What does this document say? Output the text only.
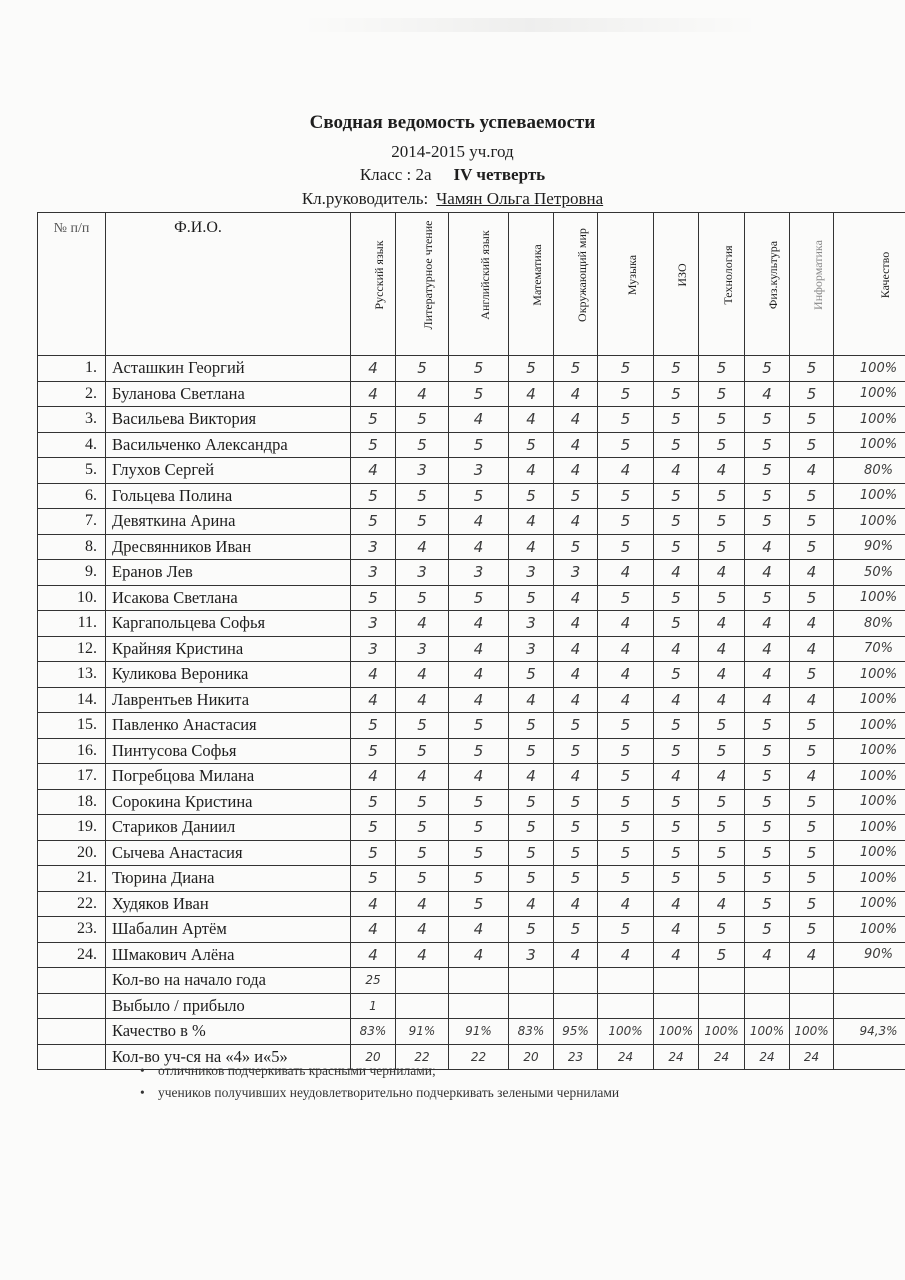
Сводная ведомость успеваемости
2014-2015 уч.год
Класс : 2а IV четверть
Кл.руководитель: Чамян Ольга Петровна
№ п/п	Ф.И.О.	Русский язык	Литературное чтение	Английский язык	Математика	Окружающий мир	Музыка	ИЗО	Технология	Физ.культура	Информатика	Качество

1.	Асташкин Георгий	4	5	5	5	5	5	5	5	5	5	100%
2.	Буланова Светлана	4	4	5	4	4	5	5	5	4	5	100%
3.	Васильева Виктория	5	5	4	4	4	5	5	5	5	5	100%
4.	Васильченко Александра	5	5	5	5	4	5	5	5	5	5	100%
5.	Глухов Сергей	4	3	3	4	4	4	4	4	5	4	80%
6.	Гольцева Полина	5	5	5	5	5	5	5	5	5	5	100%
7.	Девяткина Арина	5	5	4	4	4	5	5	5	5	5	100%
8.	Дресвянников Иван	3	4	4	4	5	5	5	5	4	5	90%
9.	Еранов Лев	3	3	3	3	3	4	4	4	4	4	50%
10.	Исакова Светлана	5	5	5	5	4	5	5	5	5	5	100%
11.	Каргапольцева Софья	3	4	4	3	4	4	5	4	4	4	80%
12.	Крайняя Кристина	3	3	4	3	4	4	4	4	4	4	70%
13.	Куликова Вероника	4	4	4	5	4	4	5	4	4	5	100%
14.	Лаврентьев Никита	4	4	4	4	4	4	4	4	4	4	100%
15.	Павленко Анастасия	5	5	5	5	5	5	5	5	5	5	100%
16.	Пинтусова Софья	5	5	5	5	5	5	5	5	5	5	100%
17.	Погребцова Милана	4	4	4	4	4	5	4	4	5	4	100%
18.	Сорокина Кристина	5	5	5	5	5	5	5	5	5	5	100%
19.	Стариков Даниил	5	5	5	5	5	5	5	5	5	5	100%
20.	Сычева Анастасия	5	5	5	5	5	5	5	5	5	5	100%
21.	Тюрина Диана	5	5	5	5	5	5	5	5	5	5	100%
22.	Худяков Иван	4	4	5	4	4	4	4	4	5	5	100%
23.	Шабалин Артём	4	4	4	5	5	5	4	5	5	5	100%
24.	Шмакович Алёна	4	4	4	3	4	4	4	5	4	4	90%
	Кол-во на начало года	25										
	Выбыло / прибыло	1										
	Качество в %	83%	91%	91%	83%	95%	100%	100%	100%	100%	100%	94,3%
	Кол-во уч-ся на «4» и«5»	20	22	22	20	23	24	24	24	24	24	
• отличников подчеркивать красными чернилами;
• учеников получивших неудовлетворительно подчеркивать зелеными чернилами
